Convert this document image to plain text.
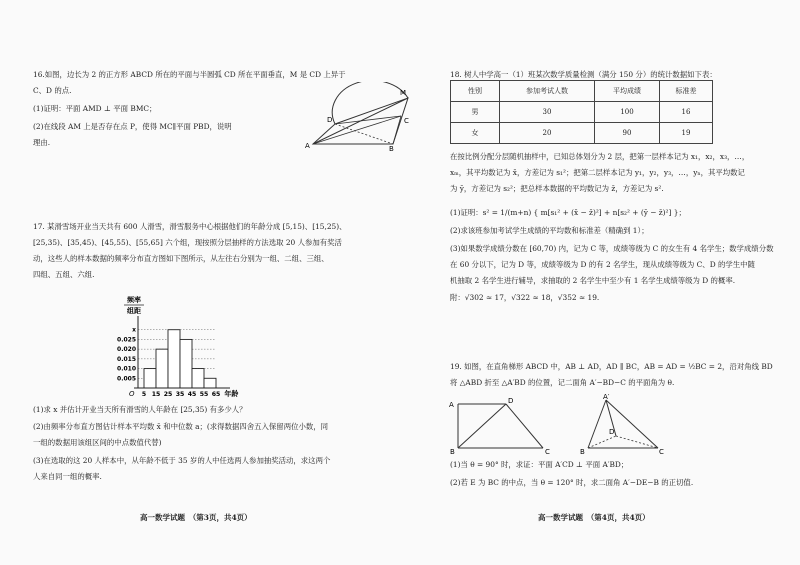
16.如图，边长为 2 的正方形 ABCD 所在的平面与半圆弧 CD 所在平面垂直，M 是 CD 上异于
C、D 的点.
(1)证明：平面 AMD ⊥ 平面 BMC；
(2)在线段 AM 上是否存在点 P，使得 MC∥平面 PBD，说明
理由.
M
D	C
A	B
17. 某滑雪场开业当天共有 600 人滑雪，滑雪服务中心根据他们的年龄分成 [5,15)、[15,25)、
[25,35)、[35,45)、[45,55)、[55,65] 六个组，现按照分层抽样的方法选取 20 人参加有奖活
动，这些人的样本数据的频率分布直方图如下图所示，从左往右分别为一组、二组、三组、
四组、五组、六组.
频率
组距
0.005
0.010
0.015
0.020
0.025
x
5 15 25 35 45 55 65
O	年龄
(1)求 x 并估计开业当天所有滑雪的人年龄在 [25,35) 有多少人？
(2)由频率分布直方图估计样本平均数 x̄ 和中位数 a；(求得数据四舍五入保留两位小数，同
一组的数据用该组区间的中点数值代替)
(3)在选取的这 20 人样本中，从年龄不低于 35 岁的人中任选两人参加抽奖活动，求这两个
人来自同一组的概率.
高一数学试题　（第3页，共4页）
18. 树人中学高一（1）班某次数学质量检测（满分 150 分）的统计数据如下表：
性别	参加考试人数	平均成绩	标准差
男	30	100	16
女	20	90	19
在按比例分配分层随机抽样中，已知总体划分为 2 层，把第一层样本记为 x₁，x₂，x₃，…，
xₘ，其平均数记为 x̄，方差记为 s₁²；把第二层样本记为 y₁，y₂，y₃，…，yₙ，其平均数记
为 ȳ，方差记为 s₂²；把总样本数据的平均数记为 z̄，方差记为 s².
(1)证明：s² = 1/(m+n) { m[s₁² + (x̄ − z̄)²] + n[s₂² + (ȳ − z̄)²] }；
(2)求该班参加考试学生成绩的平均数和标准差（精确到 1）；
(3)如果数学成绩分数在 [60,70) 内，记为 C 等，成绩等级为 C 的女生有 4 名学生；数学成绩分数
在 60 分以下，记为 D 等，成绩等级为 D 的有 2 名学生，现从成绩等级为 C、D 的学生中随
机抽取 2 名学生进行辅导，求抽取的 2 名学生中至少有 1 名学生成绩等级为 D 的概率.
附：√302 ≈ 17，√322 ≈ 18，√352 ≈ 19.
19. 如图，在直角梯形 ABCD 中，AB ⊥ AD，AD ∥ BC，AB = AD = ½BC = 2，沿对角线 BD
将 △ABD 折至 △A′BD 的位置，记二面角 A′−BD−C 的平面角为 θ.
A	D
B	C
A′
D
B	C
(1)当 θ = 90° 时，求证：平面 A′CD ⊥ 平面 A′BD；
(2)若 E 为 BC 的中点，当 θ = 120° 时，求二面角 A′−DE−B 的正切值.
高一数学试题　（第4页，共4页）
